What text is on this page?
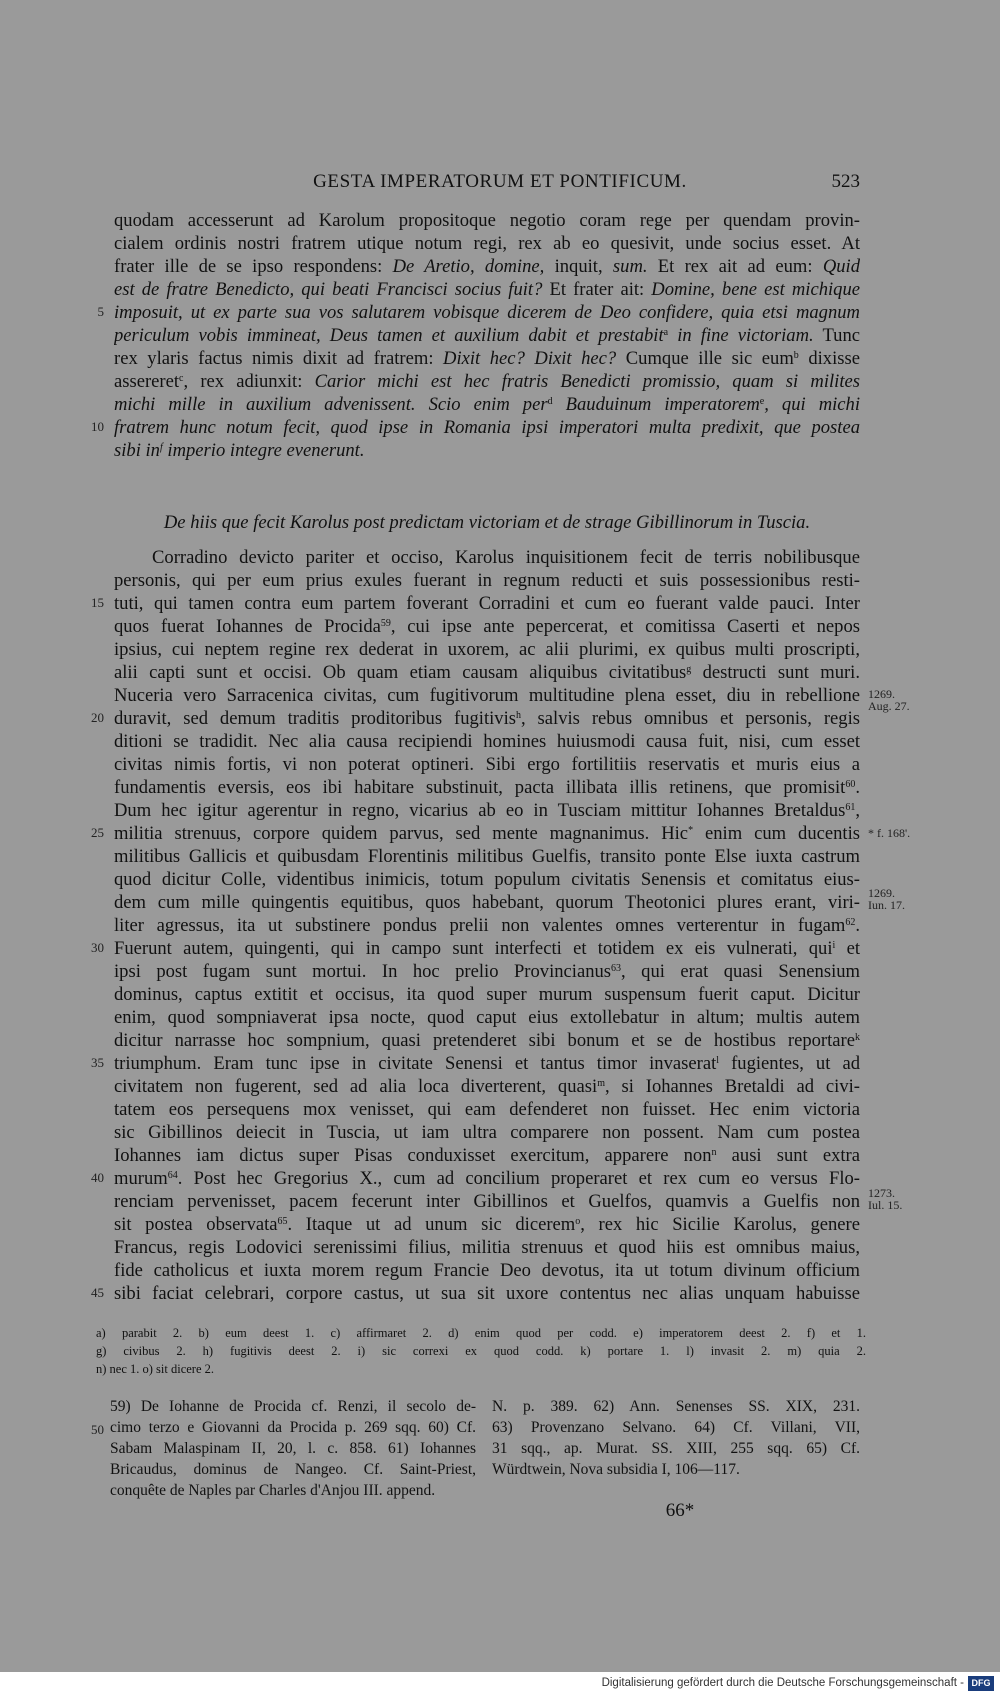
GESTA IMPERATORUM ET PONTIFICUM.	523
quodam accesserunt ad Karolum propositoque negotio coram rege per quendam provin-
cialem ordinis nostri fratrem utique notum regi, rex ab eo quesivit, unde socius esset. At
frater ille de se ipso respondens: De Aretio, domine, inquit, sum. Et rex ait ad eum: Quid
est de fratre Benedicto, qui beati Francisci socius fuit? Et frater ait: Domine, bene est michique
5 imposuit, ut ex parte sua vos salutarem vobisque dicerem de Deo confidere, quia etsi magnum
periculum vobis immineat, Deus tamen et auxilium dabit et prestabit$^a$ in fine victoriam. Tunc
rex ylaris factus nimis dixit ad fratrem: Dixit hec? Dixit hec? Cumque ille sic eum$^b$ dixisse
assereret$^c$, rex adiunxit: Carior michi est hec fratris Benedicti promissio, quam si milites
michi mille in auxilium advenissent. Scio enim per$^d$ Bauduinum imperatorem$^e$, qui michi
10 fratrem hunc notum fecit, quod ipse in Romania ipsi imperatori multa predixit, que postea
sibi $in^f$ imperio integre evenerunt.
De hiis que fecit Karolus post predictam victoriam et de strage Gibillinorum in Tuscia.
Corradino devicto pariter et occiso, Karolus inquisitionem fecit de terris nobilibusque
personis, qui per eum prius exules fuerant in regnum reducti et suis possessionibus resti-
15 tuti, qui tamen contra eum partem foverant Corradini et cum eo fuerant valde pauci. Inter
quos fuerat Iohannes de Procida$^{59}$, cui ipse ante pepercerat, et comitissa Caserti et nepos
ipsius, cui neptem regine rex dederat in uxorem, ac alii plurimi, ex quibus multi proscripti,
alii capti sunt et occisi. Ob quam etiam causam aliquibus civitatibus$^g$ destructi sunt muri.
Nuceria vero Sarracenica civitas, cum fugitivorum multitudine plena esset, diu in rebellione
20 duravit, sed demum traditis proditoribus fugitivis$^h$, salvis rebus omnibus et personis, regis
ditioni se tradidit. Nec alia causa recipiendi homines huiusmodi causa fuit, nisi, cum esset
civitas nimis fortis, vi non poterat optineri. Sibi ergo fortilitiis reservatis et muris eius a
fundamentis eversis, eos ibi habitare substinuit, pacta illibata illis retinens, que promisit$^{60}$.
Dum hec igitur agerentur in regno, vicarius ab eo in Tusciam mittitur Iohannes Bretaldus$^{61}$,
25 militia strenuus, corpore quidem parvus, sed mente magnanimus. Hic* enim cum ducentis
militibus Gallicis et quibusdam Florentinis militibus Guelfis, transito ponte Else iuxta castrum
quod dicitur Colle, videntibus inimicis, totum populum civitatis Senensis et comitatus eius-
dem cum mille quingentis equitibus, quos habebant, quorum Theotonici plures erant, viri-
liter agressus, ita ut substinere pondus prelii non valentes omnes verterentur in fugam$^{62}$.
30 Fuerunt autem, quingenti, qui in campo sunt interfecti et totidem ex eis vulnerati, qui$^i$ et
ipsi post fugam sunt mortui. In hoc prelio Provincianus$^{63}$, qui erat quasi Senensium
dominus, captus extitit et occisus, ita quod super murum suspensum fuerit caput. Dicitur
enim, quod sompniaverat ipsa nocte, quod caput eius extollebatur in altum; multis autem
dicitur narrasse hoc sompnium, quasi pretenderet sibi bonum et se de hostibus reportare$^k$
35 triumphum. Eram tunc ipse in civitate Senensi et tantus timor invaserat$^l$ fugientes, ut ad
civitatem non fugerent, sed ad alia loca diverterent, quasi$^m$, si Iohannes Bretaldi ad civi-
tatem eos persequens mox venisset, qui eam defenderet non fuisset. Hec enim victoria
sic Gibillinos deiecit in Tuscia, ut iam ultra comparere non possent. Nam cum postea
Iohannes iam dictus super Pisas conduxisset exercitum, apparere non$^n$ ausi sunt extra
40 murum$^{64}$. Post hec Gregorius X., cum ad concilium properaret et rex cum eo versus Flo-
renciam pervenisset, pacem fecerunt inter Gibillinos et Guelfos, quamvis a Guelfis non
sit postea observata$^{65}$. Itaque ut ad unum sic dicerem$^o$, rex hic Sicilie Karolus, genere
Francus, regis Lodovici serenissimi filius, militia strenuus et quod hiis est omnibus maius,
fide catholicus et iuxta morem regum Francie Deo devotus, ita ut totum divinum officium
45 sibi faciat celebrari, corpore castus, ut sua sit uxore contentus nec alias unquam habuisse
1269.
Aug. 27.
* f. 168'.
1269.
Iun. 17.
1273.
Iul. 15.
a) parabit 2. b) eum deest 1. c) affirmaret 2. d) enim quod per codd. e) imperatorem deest 2. f) et 1.
g) civibus 2. h) fugitivis deest 2. i) sic correxi ex quod codd. k) portare 1. l) invasit 2. m) quia 2.
n) nec 1. o) sit dicere 2.
59) De Iohanne de Procida cf. Renzi, il secolo de-
50 cimo terzo e Giovanni da Procida p. 269 sqq. 60) Cf.
Sabam Malaspinam II, 20, l. c. 858. 61) Iohannes
Bricaudus, dominus de Nangeo. Cf. Saint-Priest,
conquête de Naples par Charles d'Anjou III. append.
N. p. 389. 62) Ann. Senenses SS. XIX, 231.
63) Provenzano Selvano. 64) Cf. Villani, VII,
31 sqq., ap. Murat. SS. XIII, 255 sqq. 65) Cf.
Würdtwein, Nova subsidia I, 106—117.
66*
Digitalisierung gefördert durch die Deutsche Forschungsgemeinschaft - DFG
